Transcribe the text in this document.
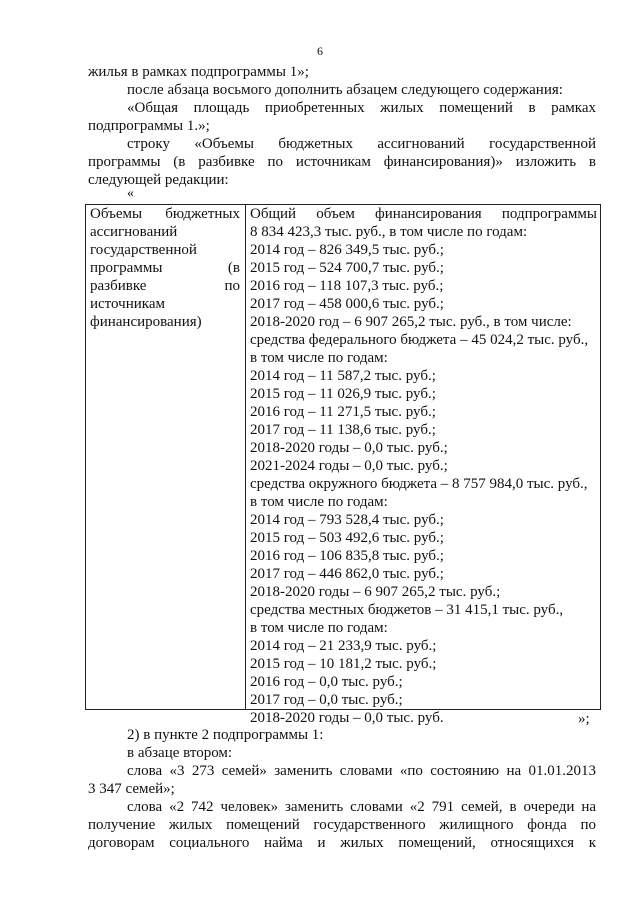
6
жилья в рамках подпрограммы 1»;
после абзаца восьмого дополнить абзацем следующего содержания:
«Общая площадь приобретенных жилых помещений в рамках
подпрограммы 1.»;
строку «Объемы бюджетных ассигнований государственной
программы (в разбивке по источникам финансирования)» изложить в
следующей редакции:
«
Объемы бюджетных
ассигнований
государственной
программы (в
разбивке по
источникам
финансирования)
Общий объем финансирования подпрограммы
8 834 423,3 тыс. руб., в том числе по годам:
2014 год – 826 349,5 тыс. руб.;
2015 год – 524 700,7 тыс. руб.;
2016 год – 118 107,3 тыс. руб.;
2017 год – 458 000,6 тыс. руб.;
2018-2020 год – 6 907 265,2 тыс. руб., в том числе:
средства федерального бюджета – 45 024,2 тыс. руб.,
в том числе по годам:
2014 год – 11 587,2 тыс. руб.;
2015 год – 11 026,9 тыс. руб.;
2016 год – 11 271,5 тыс. руб.;
2017 год – 11 138,6 тыс. руб.;
2018-2020 годы – 0,0 тыс. руб.;
2021-2024 годы – 0,0 тыс. руб.;
средства окружного бюджета – 8 757 984,0 тыс. руб.,
в том числе по годам:
2014 год – 793 528,4 тыс. руб.;
2015 год – 503 492,6 тыс. руб.;
2016 год – 106 835,8 тыс. руб.;
2017 год – 446 862,0 тыс. руб.;
2018-2020 годы – 6 907 265,2 тыс. руб.;
средства местных бюджетов – 31 415,1 тыс. руб.,
в том числе по годам:
2014 год – 21 233,9 тыс. руб.;
2015 год – 10 181,2 тыс. руб.;
2016 год – 0,0 тыс. руб.;
2017 год – 0,0 тыс. руб.;
2018-2020 годы – 0,0 тыс. руб.	»;
2) в пункте 2 подпрограммы 1:
в абзаце втором:
слова «3 273 семей» заменить словами «по состоянию на 01.01.2013
3 347 семей»;
слова «2 742 человек» заменить словами «2 791 семей, в очереди на
получение жилых помещений государственного жилищного фонда по
договорам социального найма и жилых помещений, относящихся к
